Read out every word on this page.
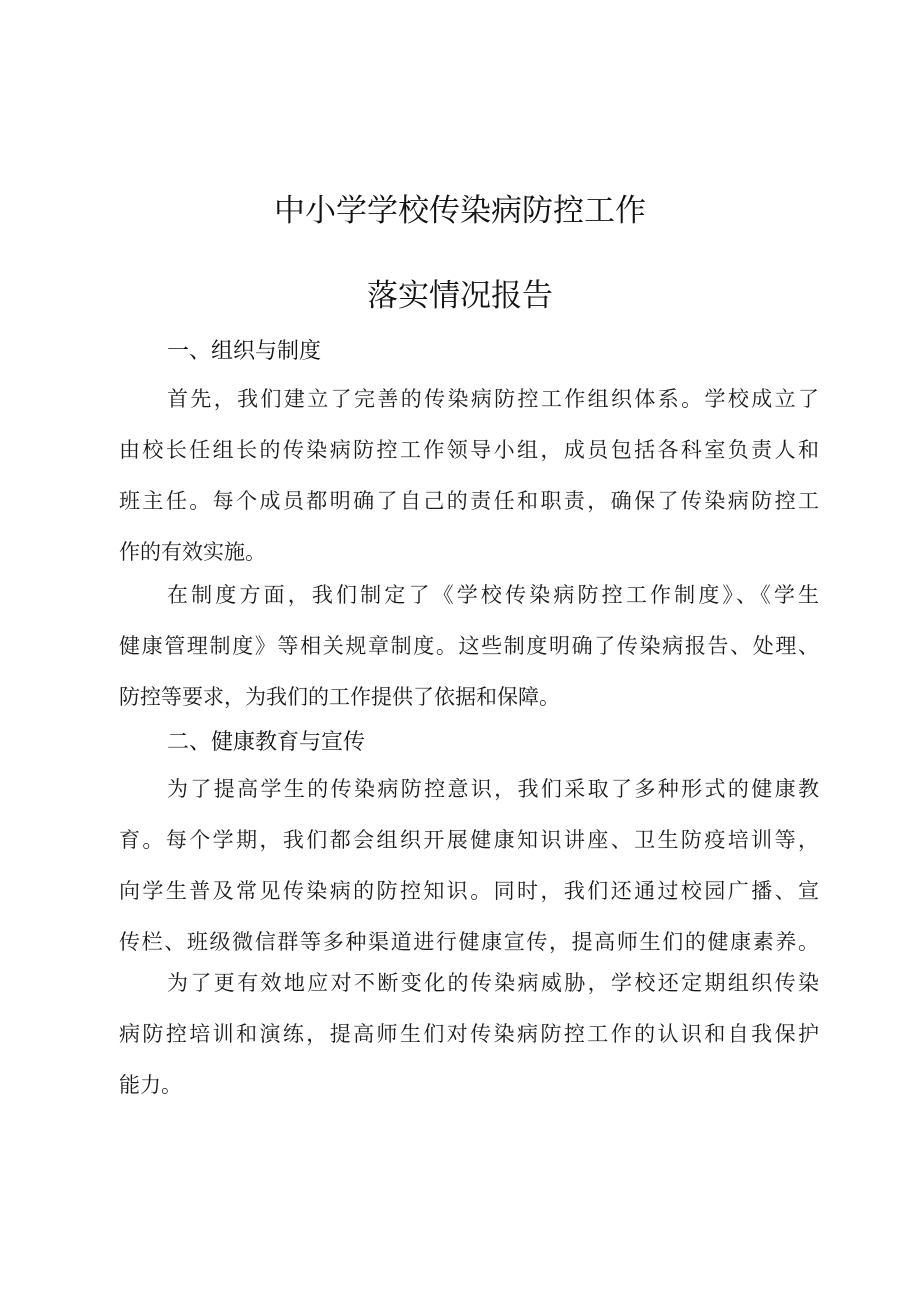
中小学学校传染病防控工作
落实情况报告
一、组织与制度
首先，我们建立了完善的传染病防控工作组织体系。学校成立了
由校长任组长的传染病防控工作领导小组，成员包括各科室负责人和
班主任。每个成员都明确了自己的责任和职责，确保了传染病防控工
作的有效实施。
在制度方面，我们制定了《学校传染病防控工作制度》、《学生
健康管理制度》等相关规章制度。这些制度明确了传染病报告、处理、
防控等要求，为我们的工作提供了依据和保障。
二、健康教育与宣传
为了提高学生的传染病防控意识，我们采取了多种形式的健康教
育。每个学期，我们都会组织开展健康知识讲座、卫生防疫培训等，
向学生普及常见传染病的防控知识。同时，我们还通过校园广播、宣
传栏、班级微信群等多种渠道进行健康宣传，提高师生们的健康素养。
为了更有效地应对不断变化的传染病威胁，学校还定期组织传染
病防控培训和演练，提高师生们对传染病防控工作的认识和自我保护
能力。
